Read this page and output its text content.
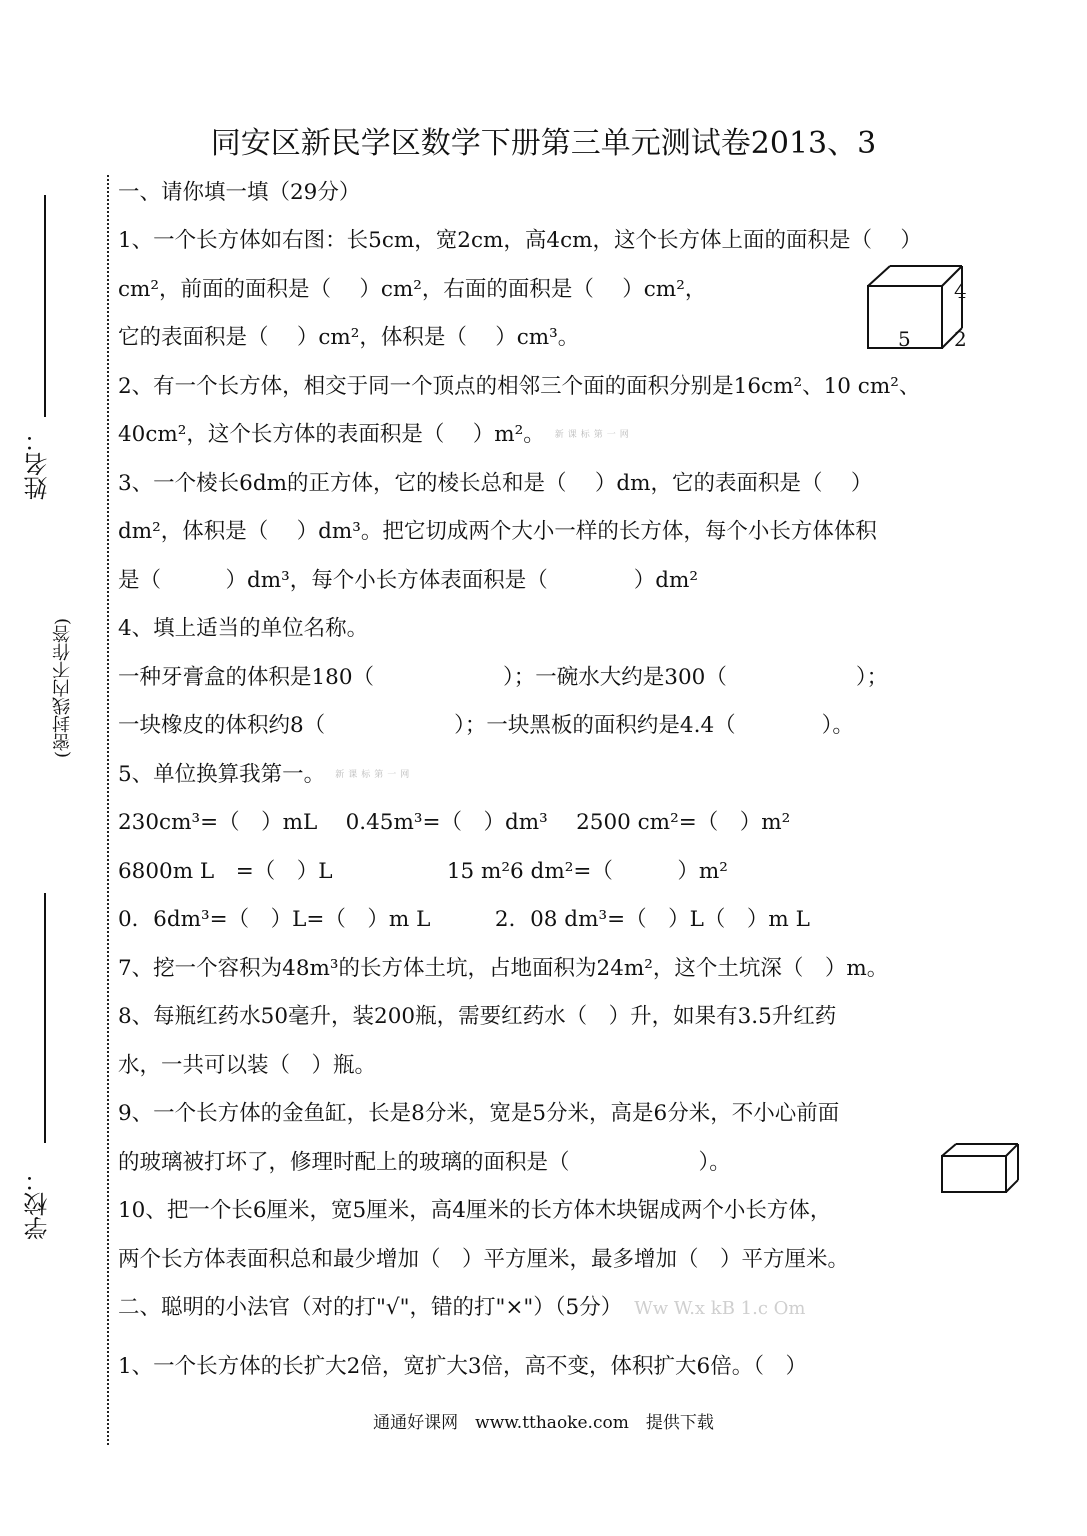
同安区新民学区数学下册第三单元测试卷2013、3
姓名：
(密封线内不作答)
学校：
一、请你填一填（29分）
1、一个长方体如右图：长5cm，宽2cm，高4cm，这个长方体上面的面积是（　 ）
cm²，前面的面积是（　 ）cm²，右面的面积是（　 ）cm²，
它的表面积是（　 ）cm²，体积是（　 ）cm³。
2、有一个长方体，相交于同一个顶点的相邻三个面的面积分别是16cm²、10 cm²、
40cm²，这个长方体的表面积是（　 ）m²。 新课标第一网
3、一个棱长6dm的正方体，它的棱长总和是（　 ）dm，它的表面积是（　 ）
dm²，体积是（　 ）dm³。把它切成两个大小一样的长方体，每个小长方体体积
是（　　　）dm³，每个小长方体表面积是（　　　　）dm²
4、填上适当的单位名称。
一种牙膏盒的体积是180（　　　　　　）；一碗水大约是300（　　　　　　）；
一块橡皮的体积约8（　　　　　　）；一块黑板的面积约是4.4（　　　　）。
5、单位换算我第一。 新课标第一网
230cm³=（　）mL　 0.45m³=（　）dm³　 2500 cm²=（　）m²
6800m L　=（　）L　　　　　 15 m²6 dm²=（　　　）m²
0．6dm³=（　）L=（　）m L　　　2．08 dm³=（　）L（　）m L
7、挖一个容积为48m³的长方体土坑，占地面积为24m²，这个土坑深（　）m。
8、每瓶红药水50毫升，装200瓶，需要红药水（　）升，如果有3.5升红药
水，一共可以装（　）瓶。
9、一个长方体的金鱼缸，长是8分米，宽是5分米，高是6分米，不小心前面
的玻璃被打坏了，修理时配上的玻璃的面积是（　　　　　　）。
10、把一个长6厘米，宽5厘米，高4厘米的长方体木块锯成两个小长方体，
两个长方体表面积总和最少增加（　）平方厘米，最多增加（　）平方厘米。
二、聪明的小法官（对的打"√"，错的打"×"）（5分） Ww W.x kB 1.c Om
1、一个长方体的长扩大2倍，宽扩大3倍，高不变，体积扩大6倍。（　）
5
4
2
通通好课网　www.tthaoke.com　提供下载
